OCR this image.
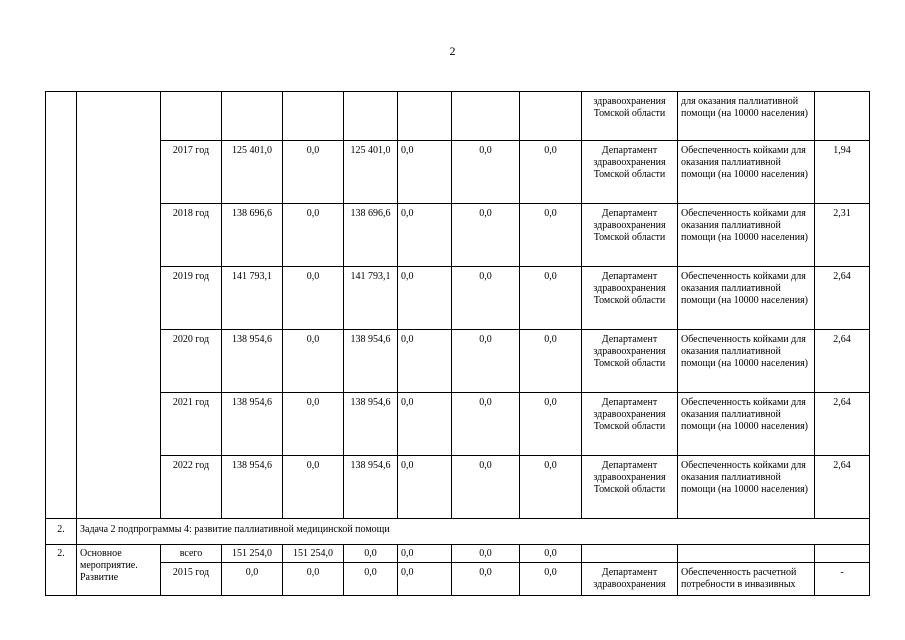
2
									здравоохранения Томской области	для оказания паллиативной помощи (на 10000 населения)	
		2017 год	125 401,0	0,0	125 401,0	0,0	0,0	0,0	Департамент здравоохранения Томской области	Обеспеченность койками для оказания паллиативной помощи (на 10000 населения)	1,94
		2018 год	138 696,6	0,0	138 696,6	0,0	0,0	0,0	Департамент здравоохранения Томской области	Обеспеченность койками для оказания паллиативной помощи (на 10000 населения)	2,31
		2019 год	141 793,1	0,0	141 793,1	0,0	0,0	0,0	Департамент здравоохранения Томской области	Обеспеченность койками для оказания паллиативной помощи (на 10000 населения)	2,64
		2020 год	138 954,6	0,0	138 954,6	0,0	0,0	0,0	Департамент здравоохранения Томской области	Обеспеченность койками для оказания паллиативной помощи (на 10000 населения)	2,64
		2021 год	138 954,6	0,0	138 954,6	0,0	0,0	0,0	Департамент здравоохранения Томской области	Обеспеченность койками для оказания паллиативной помощи (на 10000 населения)	2,64
		2022 год	138 954,6	0,0	138 954,6	0,0	0,0	0,0	Департамент здравоохранения Томской области	Обеспеченность койками для оказания паллиативной помощи (на 10000 населения)	2,64
2.	Задача 2 подпрограммы 4: развитие паллиативной медицинской помощи										
2.	Основное мероприятие. Развитие	всего	151 254,0	151 254,0	0,0	0,0	0,0	0,0			
		2015 год	0,0	0,0	0,0	0,0	0,0	0,0	Департамент здравоохранения	Обеспеченность расчетной потребности в инвазивных	-
